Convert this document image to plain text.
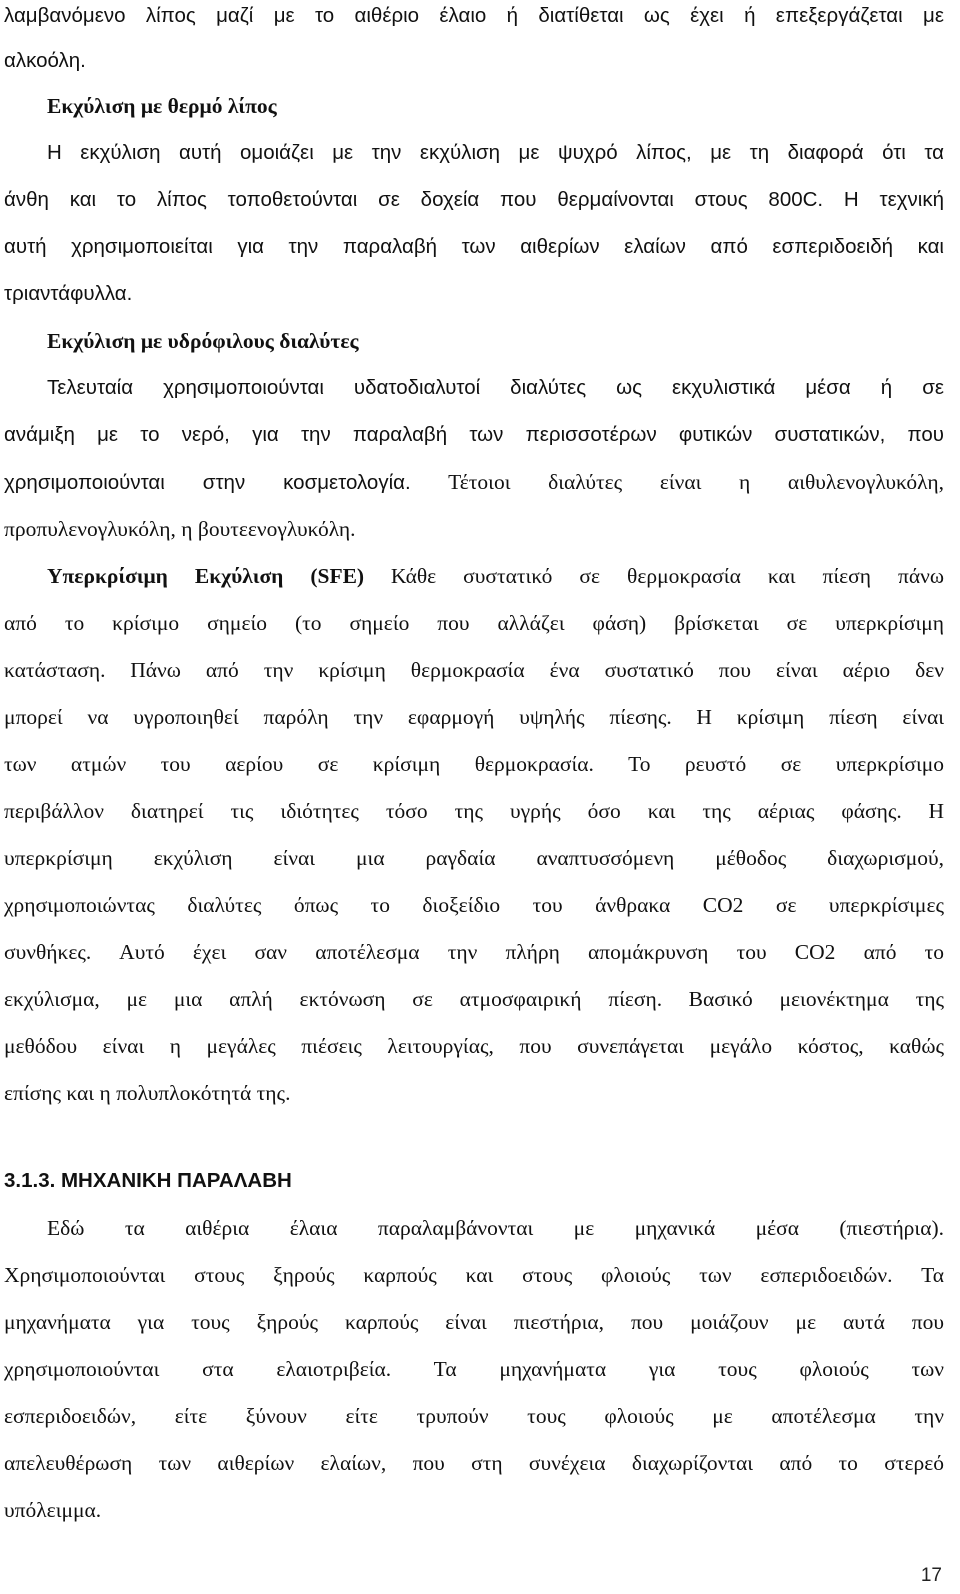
λαμβανόμενο λίπος μαζί με το αιθέριο έλαιο ή διατίθεται ως έχει ή επεξεργάζεται με
αλκοόλη.
Εκχύλιση με θερμό λίπος
Η εκχύλιση αυτή ομοιάζει με την εκχύλιση με ψυχρό λίπος, με τη διαφορά ότι τα
άνθη και το λίπος τοποθετούνται σε δοχεία που θερμαίνονται στους 800C. Η τεχνική
αυτή χρησιμοποιείται για την παραλαβή των αιθερίων ελαίων από εσπεριδοειδή και
τριαντάφυλλα.
Εκχύλιση με υδρόφιλους διαλύτες
Τελευταία χρησιμοποιούνται υδατοδιαλυτοί διαλύτες ως εκχυλιστικά μέσα ή σε
ανάμιξη με το νερό, για την παραλαβή των περισσοτέρων φυτικών συστατικών, που
χρησιμοποιούνται στην κοσμετολογία. Τέτοιοι διαλύτες είναι η αιθυλενογλυκόλη,
προπυλενογλυκόλη, η βουτεενογλυκόλη.
Υπερκρίσιμη Εκχύλιση (SFE) Κάθε συστατικό σε θερμοκρασία και πίεση πάνω
από το κρίσιμο σημείο (το σημείο που αλλάζει φάση) βρίσκεται σε υπερκρίσιμη
κατάσταση. Πάνω από την κρίσιμη θερμοκρασία ένα συστατικό που είναι αέριο δεν
μπορεί να υγροποιηθεί παρόλη την εφαρμογή υψηλής πίεσης. Η κρίσιμη πίεση είναι
των ατμών του αερίου σε κρίσιμη θερμοκρασία. Το ρευστό σε υπερκρίσιμο
περιβάλλον διατηρεί τις ιδιότητες τόσο της υγρής όσο και της αέριας φάσης. Η
υπερκρίσιμη εκχύλιση είναι μια ραγδαία αναπτυσσόμενη μέθοδος διαχωρισμού,
χρησιμοποιώντας διαλύτες όπως το διοξείδιο του άνθρακα CO2 σε υπερκρίσιμες
συνθήκες. Αυτό έχει σαν αποτέλεσμα την πλήρη απομάκρυνση του CO2 από το
εκχύλισμα, με μια απλή εκτόνωση σε ατμοσφαιρική πίεση. Βασικό μειονέκτημα της
μεθόδου είναι η μεγάλες πιέσεις λειτουργίας, που συνεπάγεται μεγάλο κόστος, καθώς
επίσης και η πολυπλοκότητά της.
3.1.3. ΜΗΧΑΝΙΚΗ ΠΑΡΑΛΑΒΗ
Εδώ τα αιθέρια έλαια παραλαμβάνονται με μηχανικά μέσα (πιεστήρια).
Χρησιμοποιούνται στους ξηρούς καρπούς και στους φλοιούς των εσπεριδοειδών. Τα
μηχανήματα για τους ξηρούς καρπούς είναι πιεστήρια, που μοιάζουν με αυτά που
χρησιμοποιούνται στα ελαιοτριβεία. Τα μηχανήματα για τους φλοιούς των
εσπεριδοειδών, είτε ξύνουν είτε τρυπούν τους φλοιούς με αποτέλεσμα την
απελευθέρωση των αιθερίων ελαίων, που στη συνέχεια διαχωρίζονται από το στερεό
υπόλειμμα.
17
